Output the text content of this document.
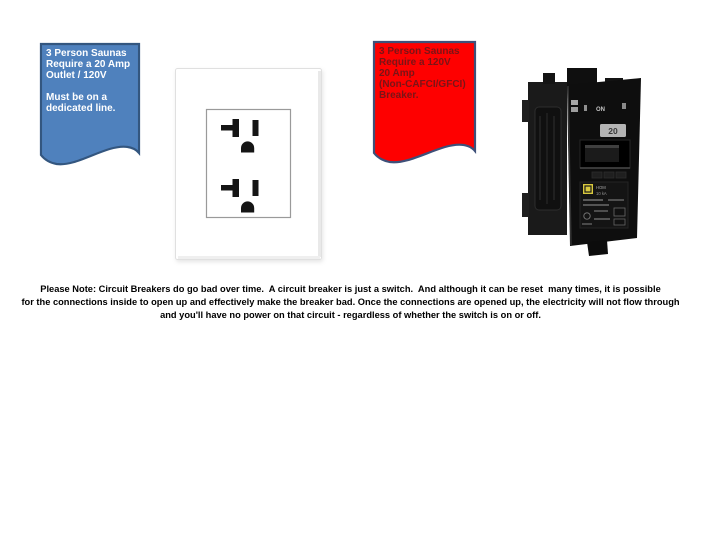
3 Person Saunas
Require a 20 Amp
Outlet / 120V
Must be on a
dedicated line.
3 Person Saunas
Require a 120V
20 Amp
(Non-CAFCI/GFCI)
Breaker.
ON
20
HOM
10 kA
Please Note: Circuit Breakers do go bad over time.  A circuit breaker is just a switch.  And although it can be reset  many times, it is possible
for the connections inside to open up and effectively make the breaker bad. Once the connections are opened up, the electricity will not flow through
and you'll have no power on that circuit - regardless of whether the switch is on or off.
